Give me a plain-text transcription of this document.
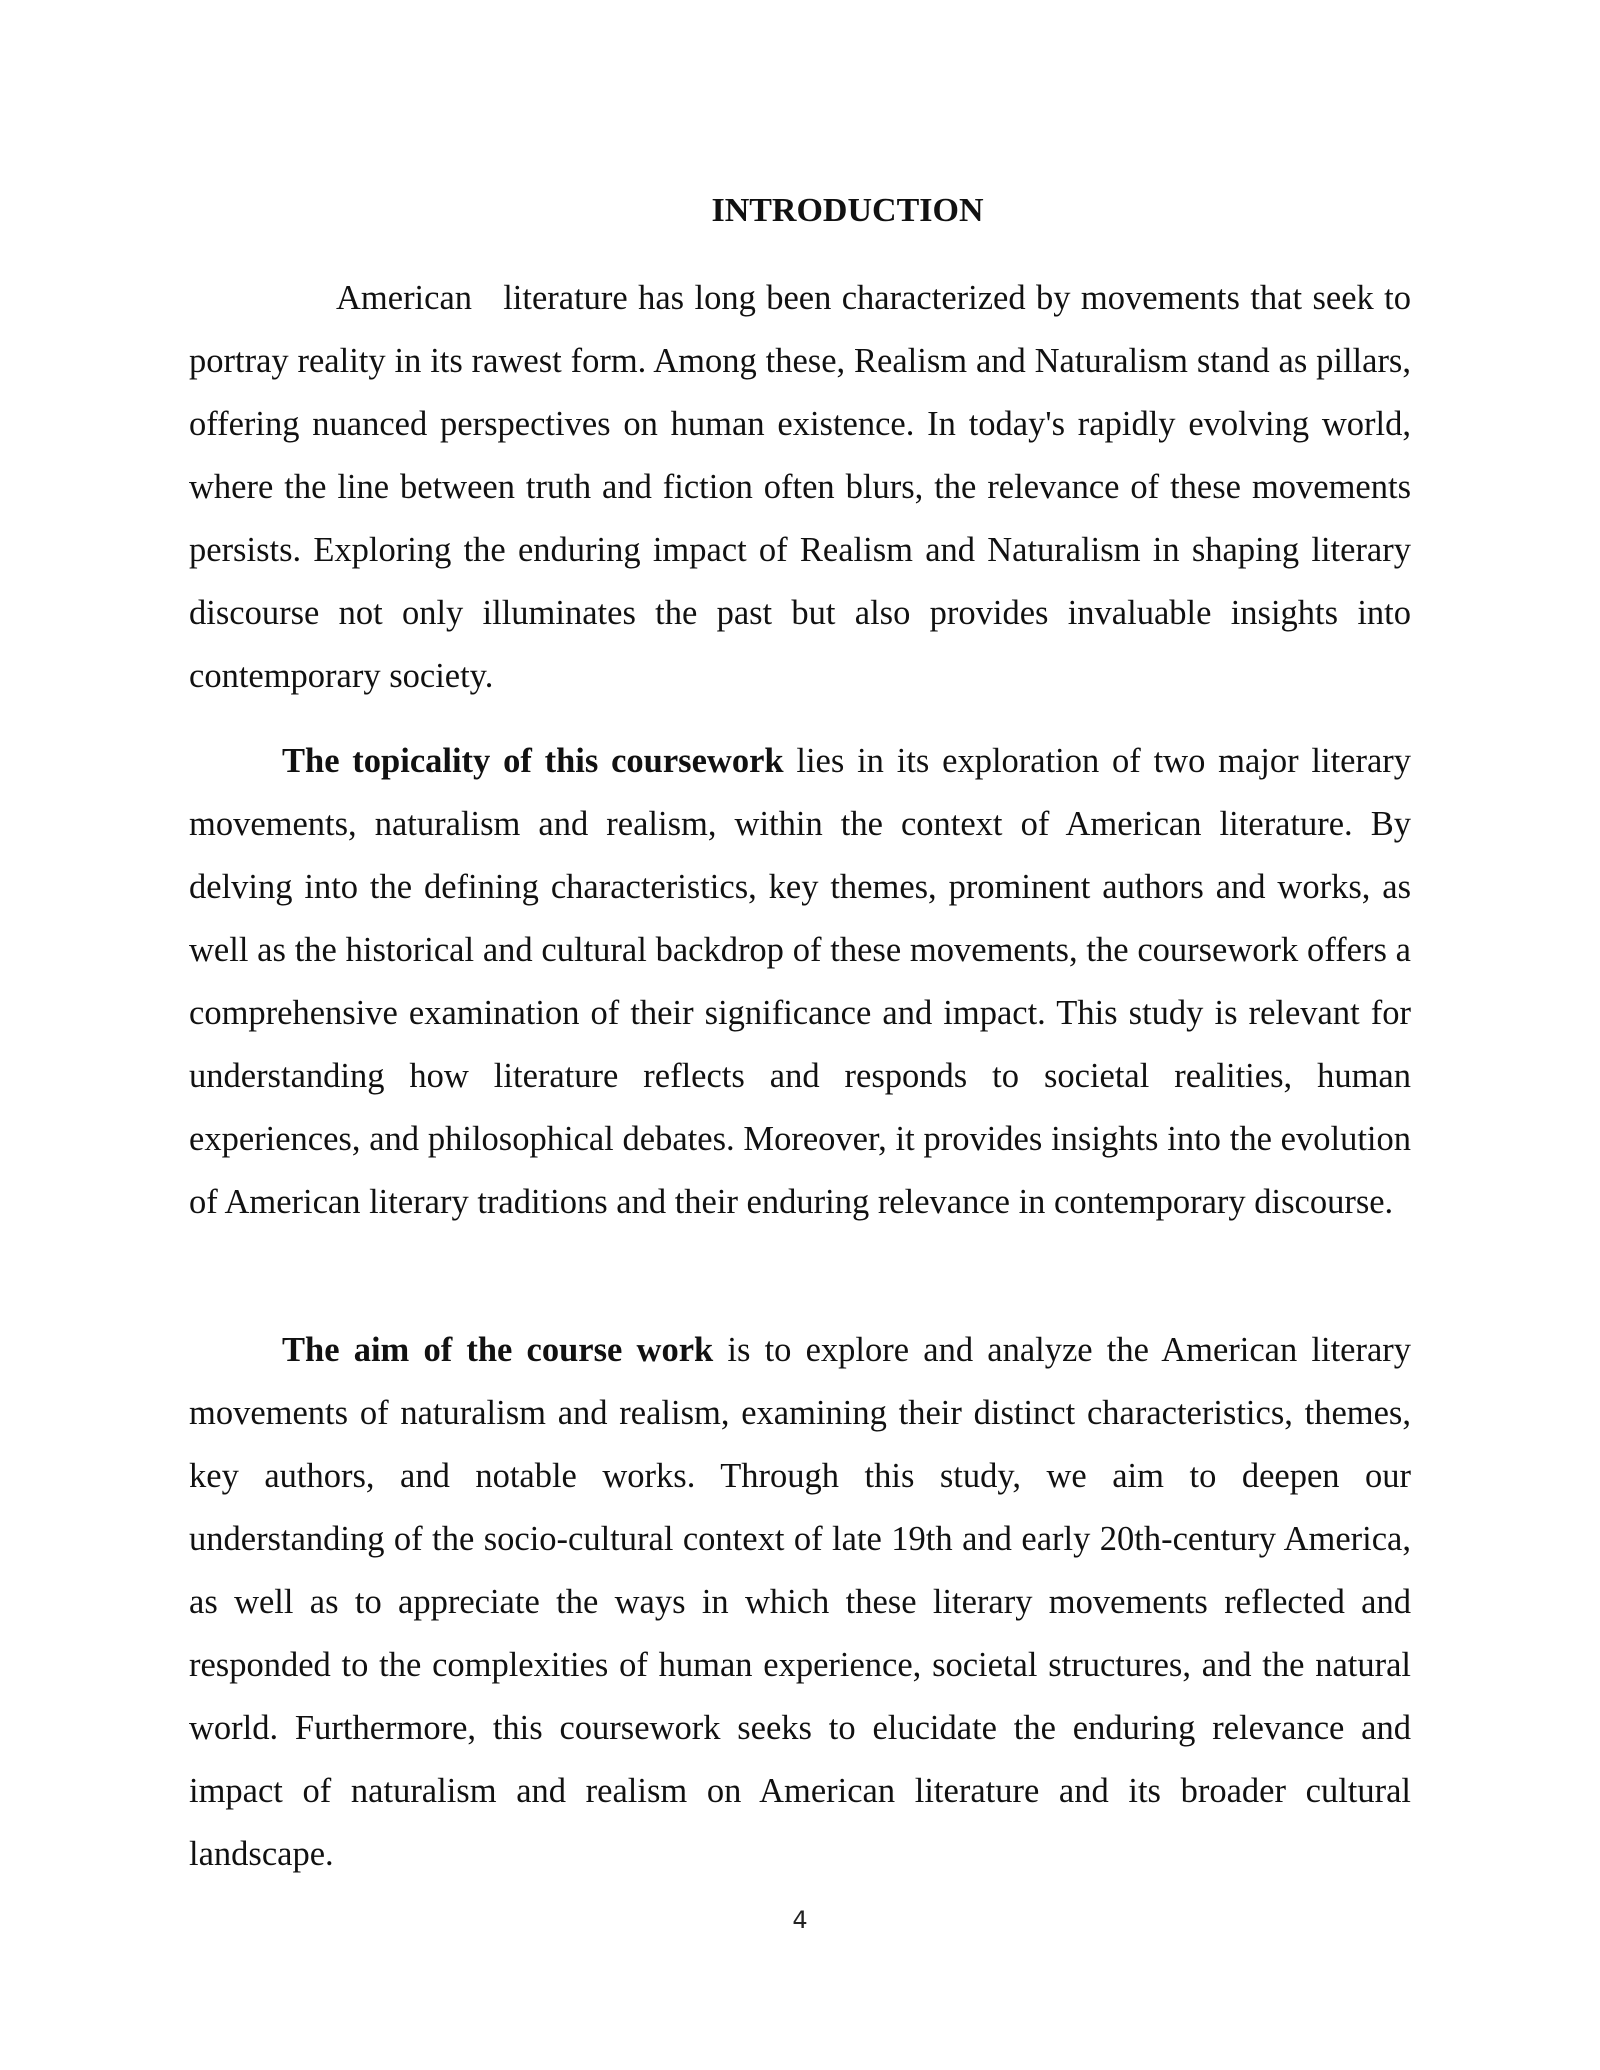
INTRODUCTION

American   literature has long been characterized by movements that seek to portray reality in its rawest form. Among these, Realism and Naturalism stand as pillars, offering nuanced perspectives on human existence. In today's rapidly evolving world, where the line between truth and fiction often blurs, the relevance of these movements persists. Exploring the enduring impact of Realism and Naturalism in shaping literary discourse not only illuminates the past but also provides invaluable insights into contemporary society.

The topicality of this coursework lies in its exploration of two major literary movements, naturalism and realism, within the context of American literature. By delving into the defining characteristics, key themes, prominent authors and works, as well as the historical and cultural backdrop of these movements, the coursework offers a comprehensive examination of their significance and impact. This study is relevant for understanding how literature reflects and responds to societal realities, human experiences, and philosophical debates. Moreover, it provides insights into the evolution of American literary traditions and their enduring relevance in contemporary discourse.

The aim of the course work is to explore and analyze the American literary movements of naturalism and realism, examining their distinct characteristics, themes, key authors, and notable works. Through this study, we aim to deepen our understanding of the socio-cultural context of late 19th and early 20th-century America, as well as to appreciate the ways in which these literary movements reflected and responded to the complexities of human experience, societal structures, and the natural world. Furthermore, this coursework seeks to elucidate the enduring relevance and impact of naturalism and realism on American literature and its broader cultural landscape.

4
